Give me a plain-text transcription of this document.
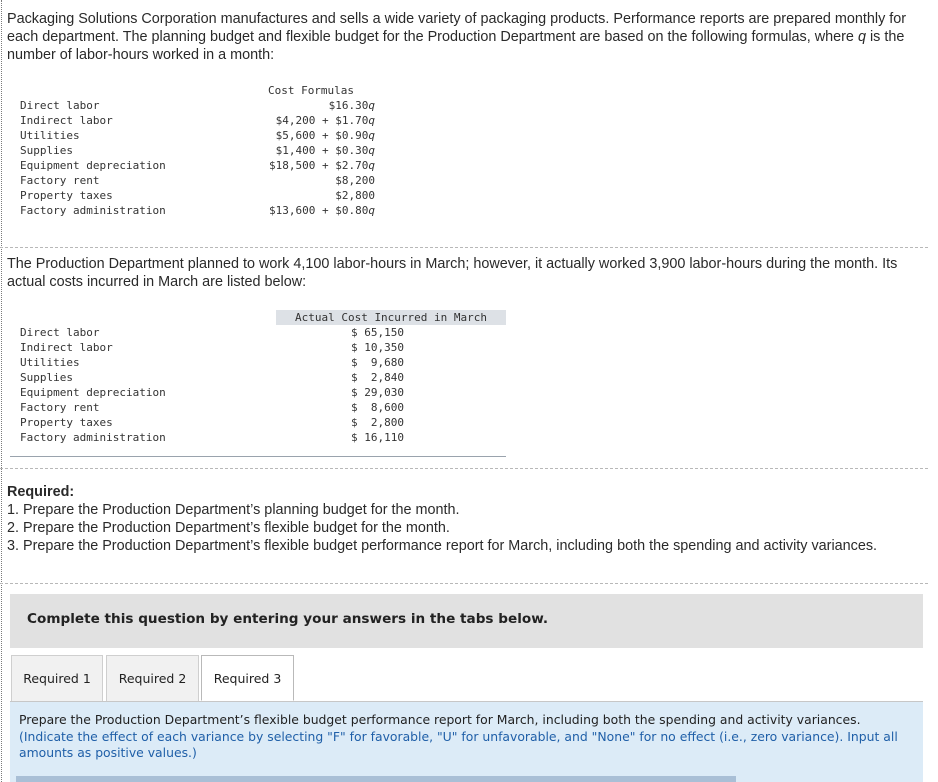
Packaging Solutions Corporation manufactures and sells a wide variety of packaging products. Performance reports are prepared monthly for each department. The planning budget and flexible budget for the Production Department are based on the following formulas, where q is the number of labor-hours worked in a month:
Cost Formulas
Direct labor
Indirect labor
Utilities
Supplies
Equipment depreciation
Factory rent
Property taxes
Factory administration
$16.30q
$4,200 + $1.70q
$5,600 + $0.90q
$1,400 + $0.30q
$18,500 + $2.70q
$8,200
$2,800
$13,600 + $0.80q
The Production Department planned to work 4,100 labor-hours in March; however, it actually worked 3,900 labor-hours during the month. Its actual costs incurred in March are listed below:
Actual Cost Incurred in March
Direct labor
Indirect labor
Utilities
Supplies
Equipment depreciation
Factory rent
Property taxes
Factory administration
$ 65,150
$ 10,350
$  9,680
$  2,840
$ 29,030
$  8,600
$  2,800
$ 16,110
Required:
1. Prepare the Production Department’s planning budget for the month.
2. Prepare the Production Department’s flexible budget for the month.
3. Prepare the Production Department’s flexible budget performance report for March, including both the spending and activity variances.
Complete this question by entering your answers in the tabs below.
Required 1 Required 2 Required 3
Prepare the Production Department’s flexible budget performance report for March, including both the spending and activity variances.
(Indicate the effect of each variance by selecting "F" for favorable, "U" for unfavorable, and "None" for no effect (i.e., zero variance). Input all amounts as positive values.)
